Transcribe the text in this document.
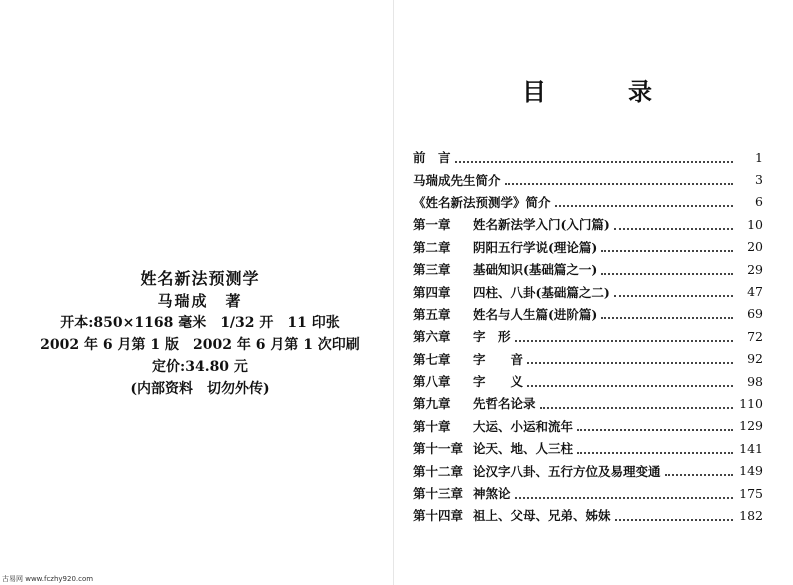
姓名新法预测学
马瑞成　著
开本:850×1168 毫米　1/32 开　11 印张
2002 年 6 月第 1 版　2002 年 6 月第 1 次印刷
定价:34.80 元
(内部资料　切勿外传)
目	录
前　言	1
马瑞成先生简介	3
《姓名新法预测学》简介	6
第一章	姓名新法学入门(入门篇)	10
第二章	阴阳五行学说(理论篇)	20
第三章	基础知识(基础篇之一)	29
第四章	四柱、八卦(基础篇之二)	47
第五章	姓名与人生篇(进阶篇)	69
第六章	字　形	72
第七章	字　　音	92
第八章	字　　义	98
第九章	先哲名论录	110
第十章	大运、小运和流年	129
第十一章 论天、地、人三柱	141
第十二章 论汉字八卦、五行方位及易理变通	149
第十三章 神煞论	175
第十四章 祖上、父母、兄弟、姊妹	182
古易网 www.fczhy920.com
